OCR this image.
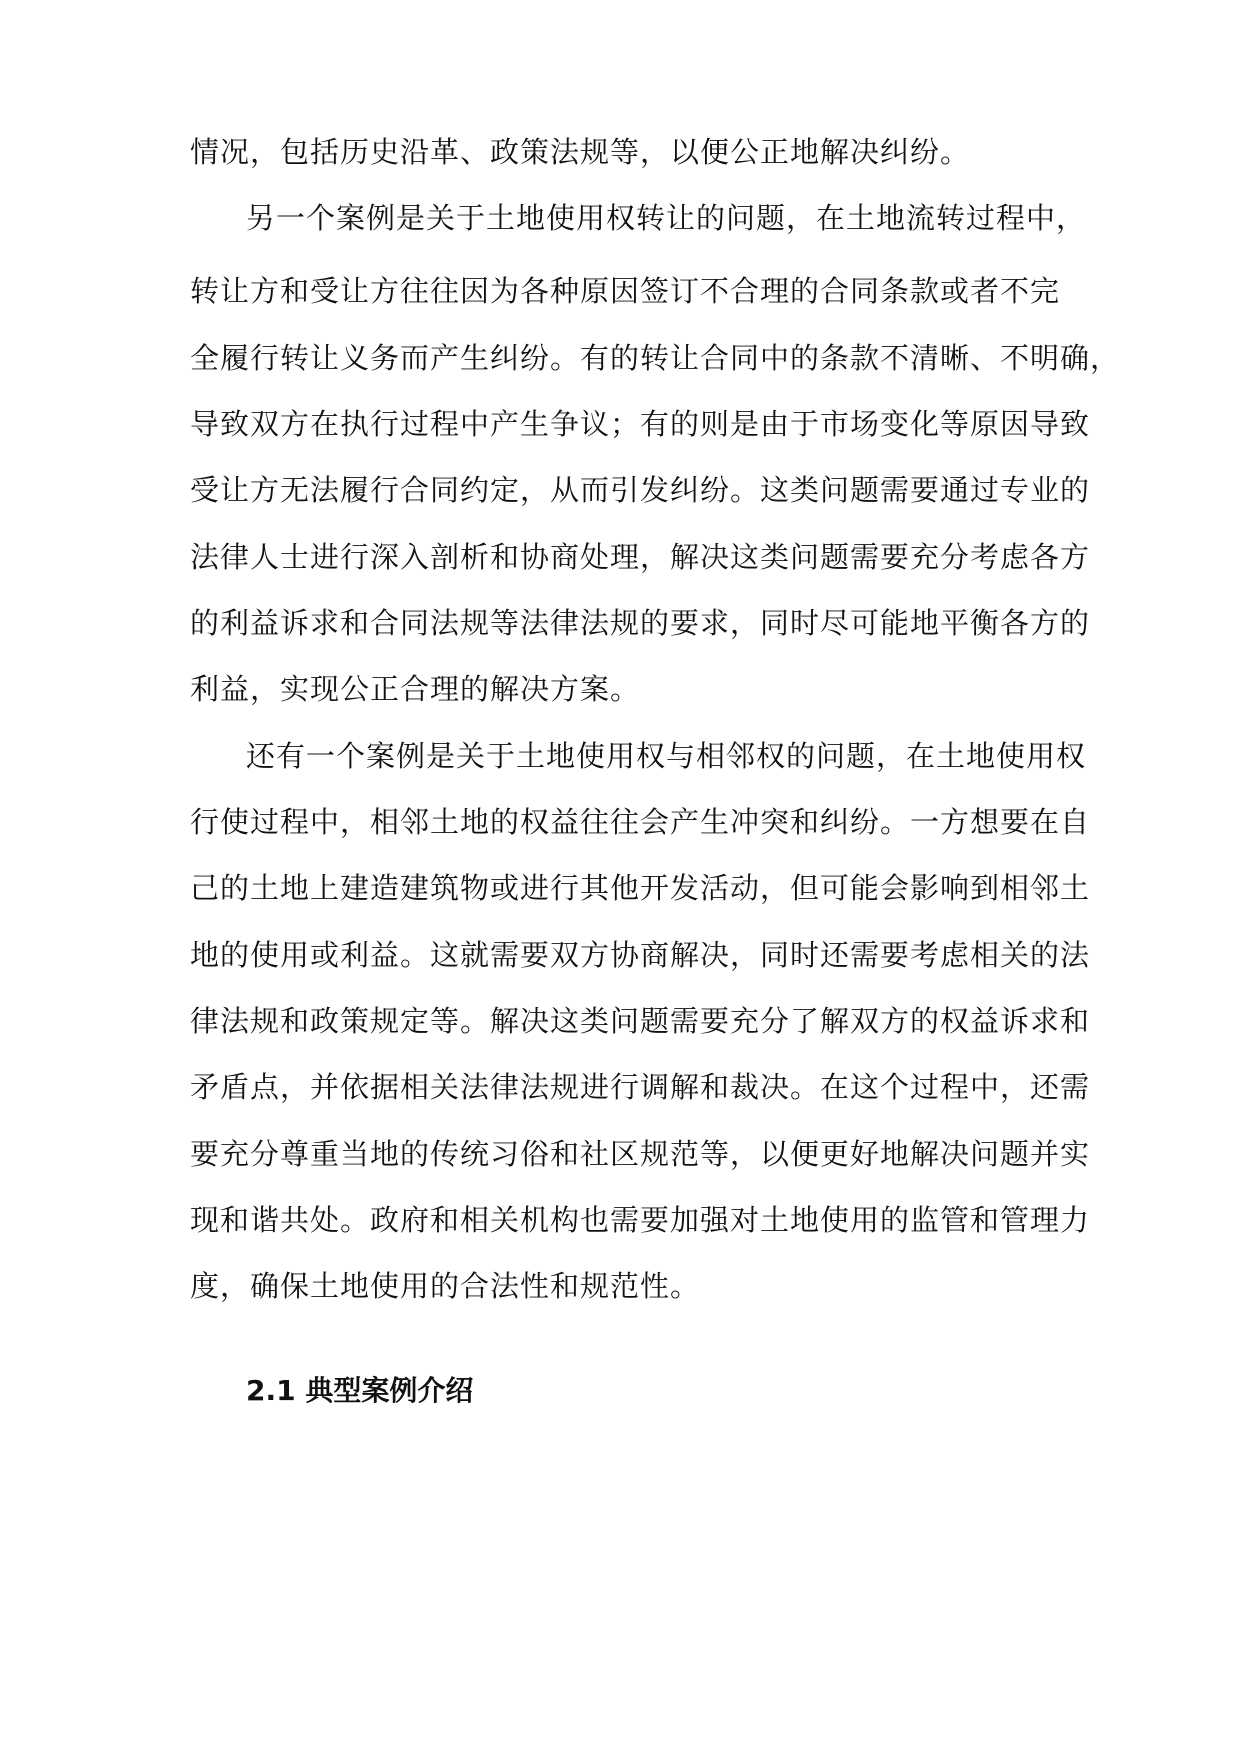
情况，包括历史沿革、政策法规等，以便公正地解决纠纷。
另一个案例是关于土地使用权转让的问题，在土地流转过程中，
转让方和受让方往往因为各种原因签订不合理的合同条款或者不完
全履行转让义务而产生纠纷。有的转让合同中的条款不清晰、不明确，
导致双方在执行过程中产生争议；有的则是由于市场变化等原因导致
受让方无法履行合同约定，从而引发纠纷。这类问题需要通过专业的
法律人士进行深入剖析和协商处理，解决这类问题需要充分考虑各方
的利益诉求和合同法规等法律法规的要求，同时尽可能地平衡各方的
利益，实现公正合理的解决方案。
还有一个案例是关于土地使用权与相邻权的问题，在土地使用权
行使过程中，相邻土地的权益往往会产生冲突和纠纷。一方想要在自
己的土地上建造建筑物或进行其他开发活动，但可能会影响到相邻土
地的使用或利益。这就需要双方协商解决，同时还需要考虑相关的法
律法规和政策规定等。解决这类问题需要充分了解双方的权益诉求和
矛盾点，并依据相关法律法规进行调解和裁决。在这个过程中，还需
要充分尊重当地的传统习俗和社区规范等，以便更好地解决问题并实
现和谐共处。政府和相关机构也需要加强对土地使用的监管和管理力
度，确保土地使用的合法性和规范性。
2.1 典型案例介绍
